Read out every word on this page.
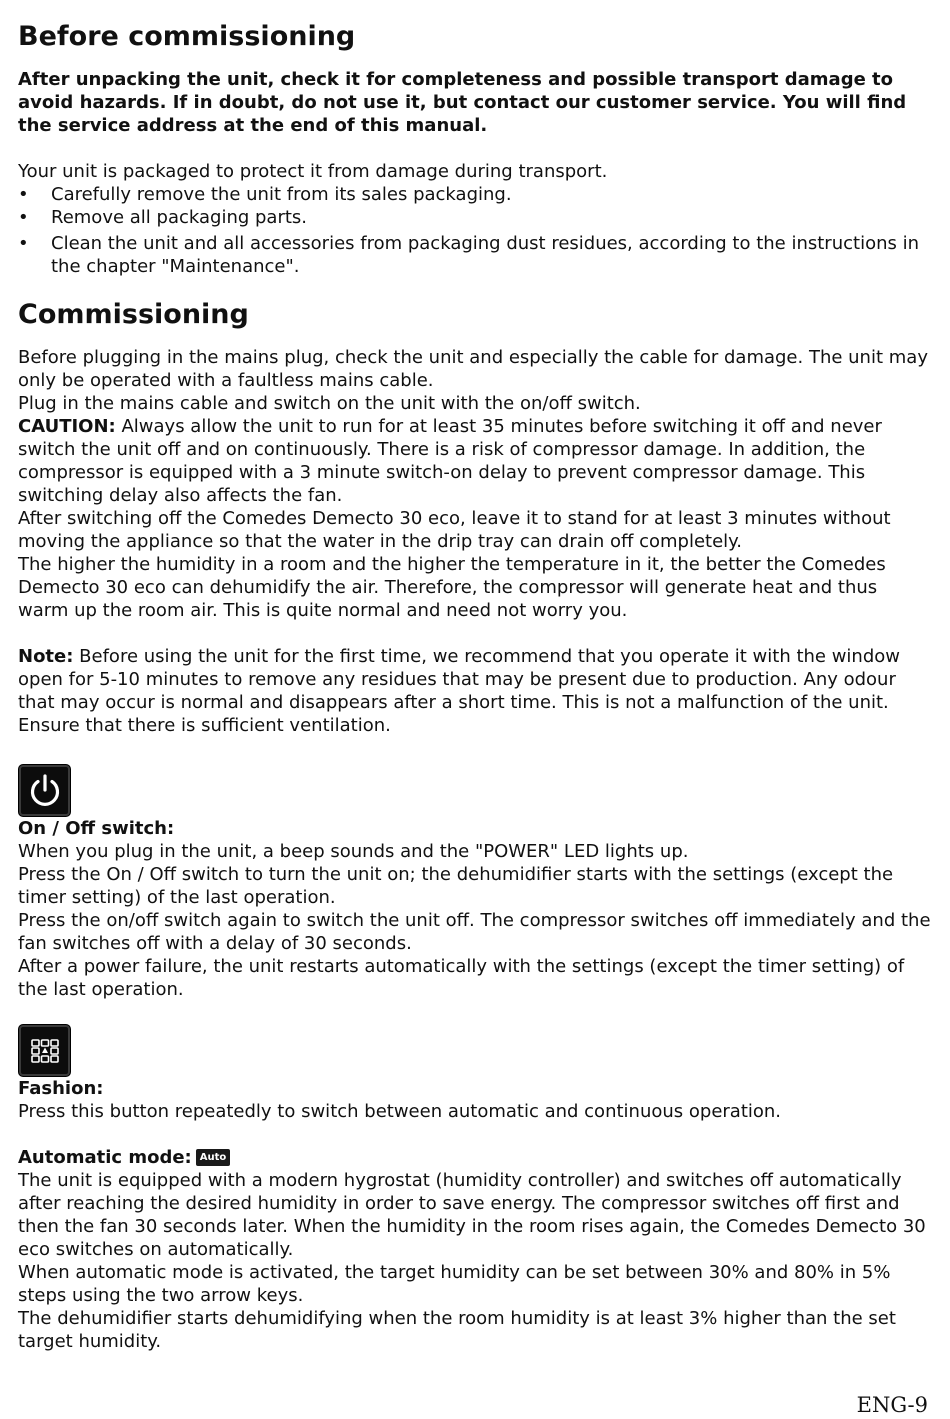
Before commissioning

After unpacking the unit, check it for completeness and possible transport damage to avoid hazards. If in doubt, do not use it, but contact our customer service. You will find the service address at the end of this manual.

Your unit is packaged to protect it from damage during transport.

• Carefully remove the unit from its sales packaging.
• Remove all packaging parts.
• Clean the unit and all accessories from packaging dust residues, according to the instructions in the chapter "Maintenance".
Commissioning

Before plugging in the mains plug, check the unit and especially the cable for damage. The unit may only be operated with a faultless mains cable.

Plug in the mains cable and switch on the unit with the on/off switch.

CAUTION: Always allow the unit to run for at least 35 minutes before switching it off and never switch the unit off and on continuously. There is a risk of compressor damage. In addition, the compressor is equipped with a 3 minute switch-on delay to prevent compressor damage. This switching delay also affects the fan.

After switching off the Comedes Demecto 30 eco, leave it to stand for at least 3 minutes without moving the appliance so that the water in the drip tray can drain off completely.

The higher the humidity in a room and the higher the temperature in it, the better the Comedes Demecto 30 eco can dehumidify the air. Therefore, the compressor will generate heat and thus warm up the room air. This is quite normal and need not worry you.

Note: Before using the unit for the first time, we recommend that you operate it with the window open for 5-10 minutes to remove any residues that may be present due to production. Any odour that may occur is normal and disappears after a short time. This is not a malfunction of the unit. Ensure that there is sufficient ventilation.

On / Off switch:

When you plug in the unit, a beep sounds and the "POWER" LED lights up.

Press the On / Off switch to turn the unit on; the dehumidifier starts with the settings (except the timer setting) of the last operation.

Press the on/off switch again to switch the unit off. The compressor switches off immediately and the fan switches off with a delay of 30 seconds.

After a power failure, the unit restarts automatically with the settings (except the timer setting) of the last operation.

Fashion:

Press this button repeatedly to switch between automatic and continuous operation.

Automatic mode: Auto

The unit is equipped with a modern hygrostat (humidity controller) and switches off automatically after reaching the desired humidity in order to save energy. The compressor switches off first and then the fan 30 seconds later. When the humidity in the room rises again, the Comedes Demecto 30 eco switches on automatically.

When automatic mode is activated, the target humidity can be set between 30% and 80% in 5% steps using the two arrow keys.

The dehumidifier starts dehumidifying when the room humidity is at least 3% higher than the set target humidity.

ENG-9
